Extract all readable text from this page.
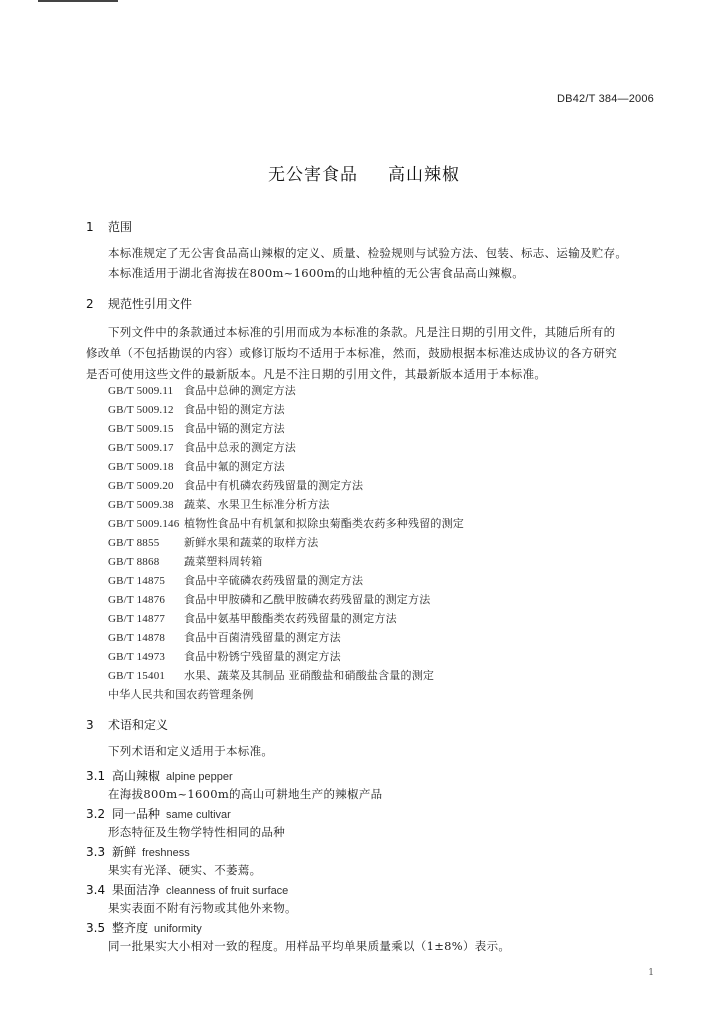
DB42/T 384—2006
无公害食品 高山辣椒
1 范围
本标准规定了无公害食品高山辣椒的定义、质量、检验规则与试验方法、包装、标志、运输及贮存。
本标准适用于湖北省海拔在800m~1600m的山地种植的无公害食品高山辣椒。
2 规范性引用文件
下列文件中的条款通过本标准的引用而成为本标准的条款。凡是注日期的引用文件，其随后所有的
修改单（不包括勘误的内容）或修订版均不适用于本标准，然而，鼓励根据本标准达成协议的各方研究
是否可使用这些文件的最新版本。凡是不注日期的引用文件，其最新版本适用于本标准。
GB/T 5009.11 食品中总砷的测定方法
GB/T 5009.12 食品中铅的测定方法
GB/T 5009.15 食品中镉的测定方法
GB/T 5009.17 食品中总汞的测定方法
GB/T 5009.18 食品中氟的测定方法
GB/T 5009.20 食品中有机磷农药残留量的测定方法
GB/T 5009.38 蔬菜、水果卫生标准分析方法
GB/T 5009.146 植物性食品中有机氯和拟除虫菊酯类农药多种残留的测定
GB/T 8855 新鲜水果和蔬菜的取样方法
GB/T 8868 蔬菜塑料周转箱
GB/T 14875 食品中辛硫磷农药残留量的测定方法
GB/T 14876 食品中甲胺磷和乙酰甲胺磷农药残留量的测定方法
GB/T 14877 食品中氨基甲酸酯类农药残留量的测定方法
GB/T 14878 食品中百菌清残留量的测定方法
GB/T 14973 食品中粉锈宁残留量的测定方法
GB/T 15401 水果、蔬菜及其制品 亚硝酸盐和硝酸盐含量的测定
中华人民共和国农药管理条例
3 术语和定义
下列术语和定义适用于本标准。
3.1 高山辣椒 alpine pepper
在海拔800m~1600m的高山可耕地生产的辣椒产品
3.2 同一品种 same cultivar
形态特征及生物学特性相同的品种
3.3 新鲜 freshness
果实有光泽、硬实、不萎蔫。
3.4 果面洁净 cleanness of fruit surface
果实表面不附有污物或其他外来物。
3.5 整齐度 uniformity
同一批果实大小相对一致的程度。用样品平均单果质量乘以（1±8%）表示。
1
